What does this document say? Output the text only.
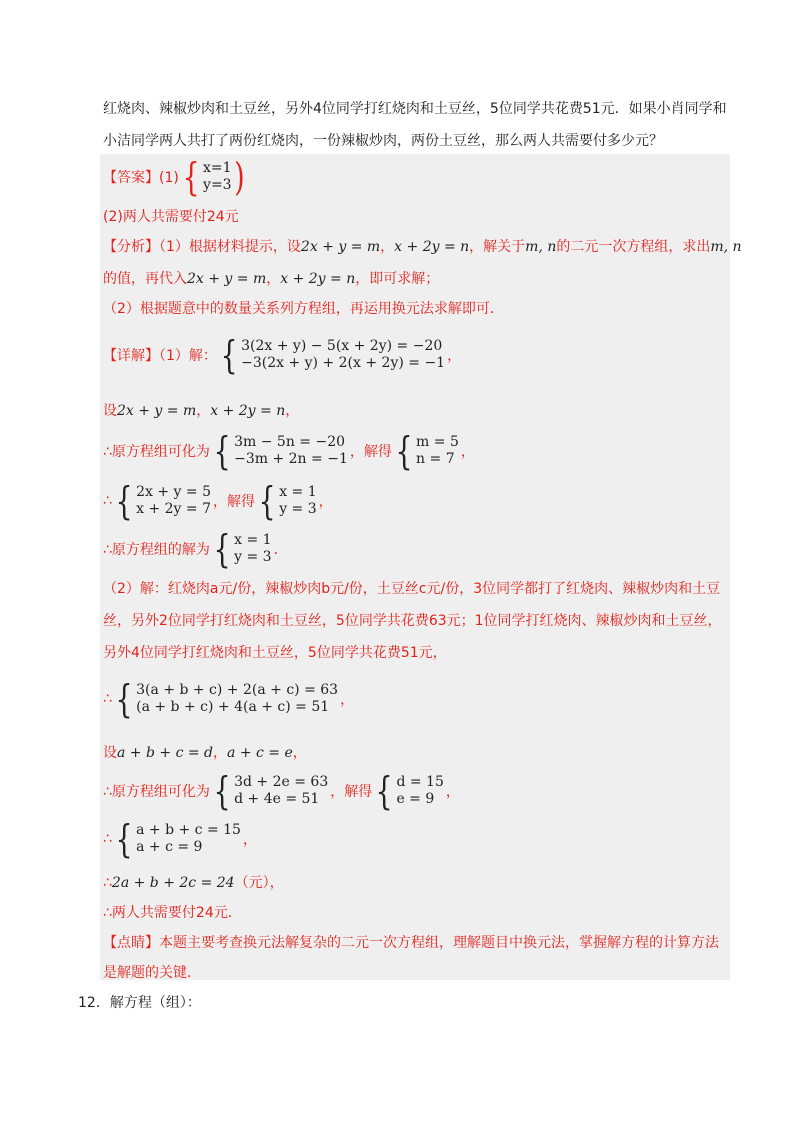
红烧肉、辣椒炒肉和土豆丝，另外4位同学打红烧肉和土豆丝，5位同学共花费51元．如果小肖同学和
小洁同学两人共打了两份红烧肉，一份辣椒炒肉，两份土豆丝，那么两人共需要付多少元？
【答案】(1) { x=1
y=3 )
(2)两人共需要付24元
【分析】（1）根据材料提示，设2x + y = m，x + 2y = n，解关于m, n的二元一次方程组，求出m, n
的值，再代入2x + y = m，x + 2y = n，即可求解；
（2）根据题意中的数量关系列方程组，再运用换元法求解即可．
【详解】（1）解： { 3(2x + y) − 5(x + 2y) = −20
−3(2x + y) + 2(x + 2y) = −1 ，
设2x + y = m，x + 2y = n，
∴原方程组可化为 { 3m − 5n = −20
−3m + 2n = −1 ，解得 { m = 5
n = 7 ，
∴ { 2x + y = 5
x + 2y = 7 ，解得 { x = 1
y = 3 ，
∴原方程组的解为 { x = 1
y = 3 ．
（2）解：红烧肉a元/份，辣椒炒肉b元/份，土豆丝c元/份，3位同学都打了红烧肉、辣椒炒肉和土豆
丝，另外2位同学打红烧肉和土豆丝，5位同学共花费63元；1位同学打红烧肉、辣椒炒肉和土豆丝，
另外4位同学打红烧肉和土豆丝，5位同学共花费51元，
∴ { 3(a + b + c) + 2(a + c) = 63
(a + b + c) + 4(a + c) = 51 ，
设a + b + c = d，a + c = e，
∴原方程组可化为 { 3d + 2e = 63
d + 4e = 51 ，解得 { d = 15
e = 9 ，
∴ { a + b + c = 15
a + c = 9	，
∴2a + b + 2c = 24（元），
∴两人共需要付24元．
【点睛】本题主要考查换元法解复杂的二元一次方程组，理解题目中换元法，掌握解方程的计算方法
是解题的关键．
12．解方程（组）：
